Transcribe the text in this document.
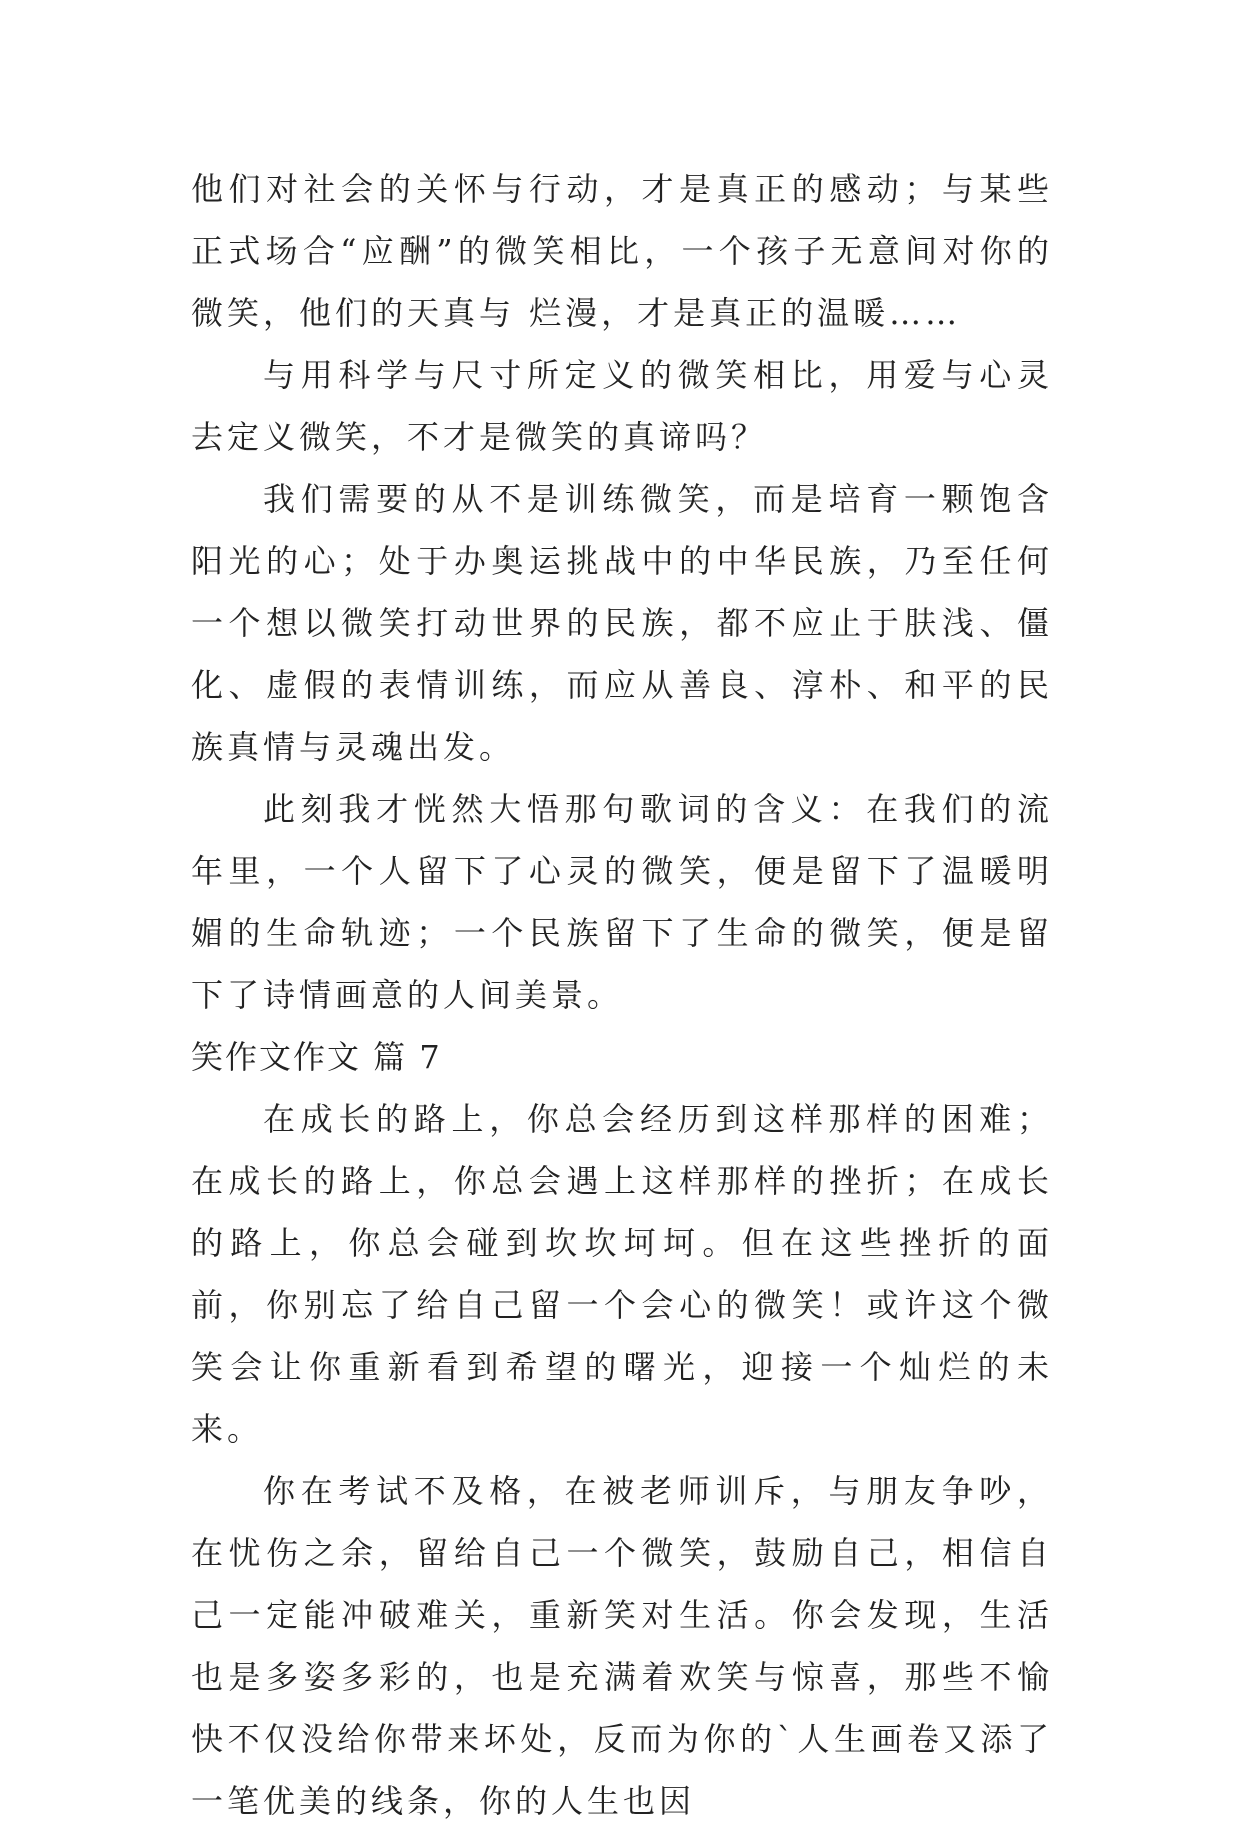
他们对社会的关怀与行动，才是真正的感动；与某些正式场合“应酬”的微笑相比，一个孩子无意间对你的微笑，他们的天真与 烂漫，才是真正的温暖……

与用科学与尺寸所定义的微笑相比，用爱与心灵去定义微笑，不才是微笑的真谛吗？

我们需要的从不是训练微笑，而是培育一颗饱含阳光的心；处于办奥运挑战中的中华民族，乃至任何一个想以微笑打动世界的民族，都不应止于肤浅、僵化、虚假的表情训练，而应从善良、淳朴、和平的民族真情与灵魂出发。

此刻我才恍然大悟那句歌词的含义：在我们的流年里，一个人留下了心灵的微笑，便是留下了温暖明媚的生命轨迹；一个民族留下了生命的微笑，便是留下了诗情画意的人间美景。

笑作文作文 篇 7

在成长的路上，你总会经历到这样那样的困难；在成长的路上，你总会遇上这样那样的挫折；在成长的路上，你总会碰到坎坎坷坷。但在这些挫折的面前，你别忘了给自己留一个会心的微笑！或许这个微笑会让你重新看到希望的曙光，迎接一个灿烂的未来。

你在考试不及格，在被老师训斥，与朋友争吵，在忧伤之余，留给自己一个微笑，鼓励自己，相信自己一定能冲破难关，重新笑对生活。你会发现，生活也是多姿多彩的，也是充满着欢笑与惊喜，那些不愉快不仅没给你带来坏处，反而为你的`人生画卷又添了一笔优美的线条，你的人生也因
